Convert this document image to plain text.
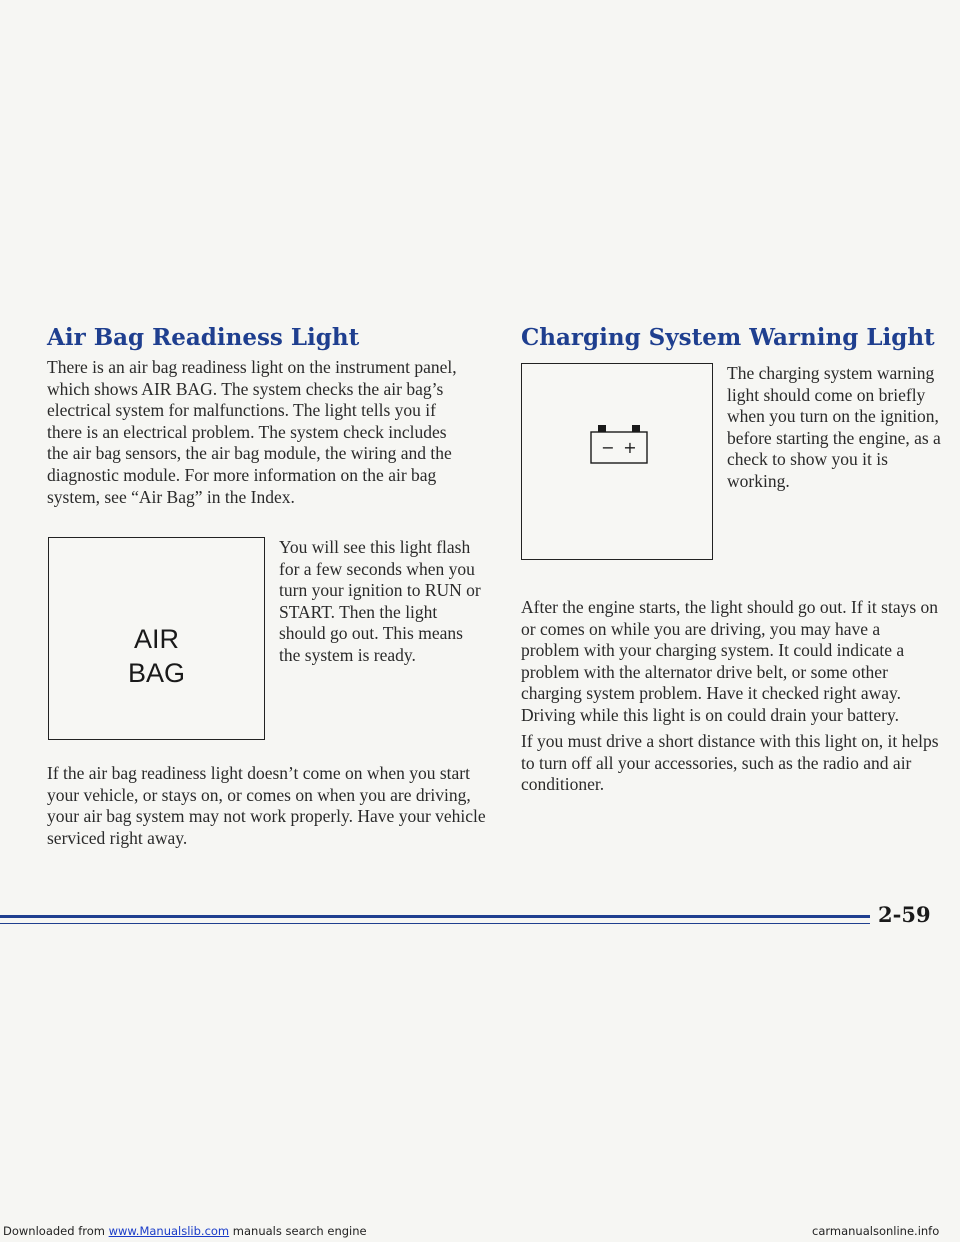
Air Bag Readiness Light

There is an air bag readiness light on the instrument panel, which shows AIR BAG. The system checks the air bag’s electrical system for malfunctions. The light tells you if there is an electrical problem. The system check includes the air bag sensors, the air bag module, the wiring and the diagnostic module. For more information on the air bag system, see “Air Bag” in the Index.

AIR
BAG

You will see this light flash for a few seconds when you turn your ignition to RUN or START. Then the light should go out. This means the system is ready.

If the air bag readiness light doesn’t come on when you start your vehicle, or stays on, or comes on when you are driving, your air bag system may not work properly. Have your vehicle serviced right away.

Charging System Warning Light
− +

The charging system warning light should come on briefly when you turn on the ignition, before starting the engine, as a check to show you it is working.

After the engine starts, the light should go out. If it stays on or comes on while you are driving, you may have a problem with your charging system. It could indicate a problem with the alternator drive belt, or some other charging system problem. Have it checked right away. Driving while this light is on could drain your battery.

If you must drive a short distance with this light on, it helps to turn off all your accessories, such as the radio and air conditioner.

2-59
Downloaded from www.Manualslib.com manuals search engine	carmanualsonline.info
